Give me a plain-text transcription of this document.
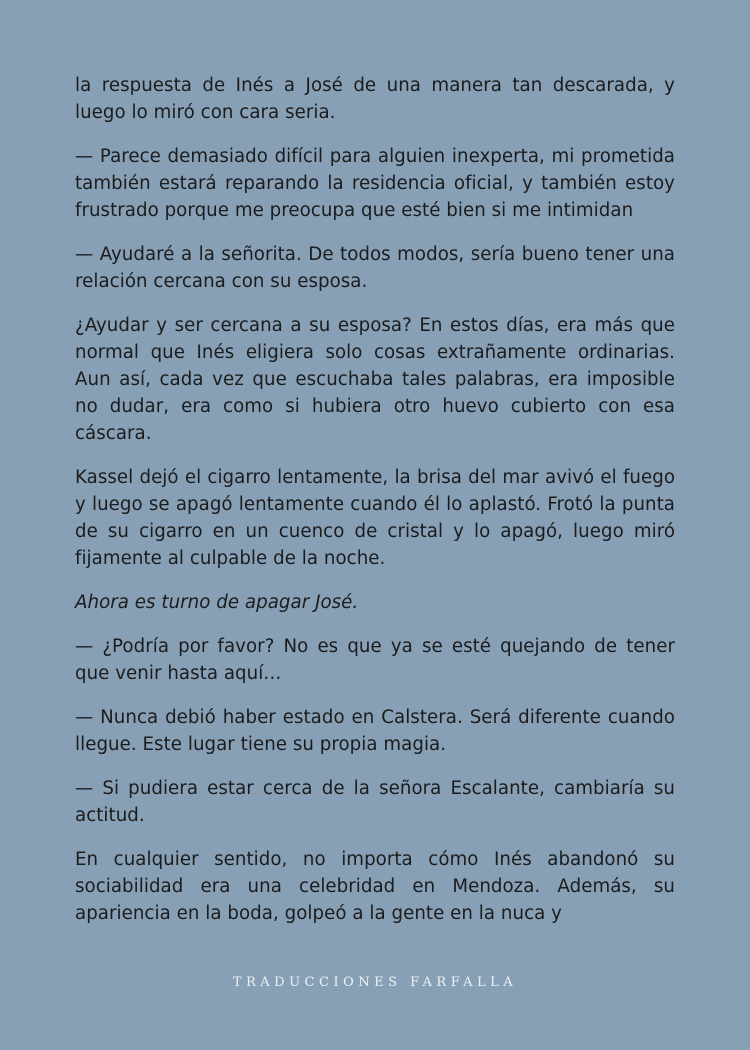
la respuesta de Inés a José de una manera tan descarada, y luego lo miró con cara seria.

— Parece demasiado difícil para alguien inexperta, mi prometida también estará reparando la residencia oficial, y también estoy frustrado porque me preocupa que esté bien si me intimidan

— Ayudaré a la señorita. De todos modos, sería bueno tener una relación cercana con su esposa.

¿Ayudar y ser cercana a su esposa? En estos días, era más que normal que Inés eligiera solo cosas extrañamente ordinarias. Aun así, cada vez que escuchaba tales palabras, era imposible no dudar, era como si hubiera otro huevo cubierto con esa cáscara.

Kassel dejó el cigarro lentamente, la brisa del mar avivó el fuego y luego se apagó lentamente cuando él lo aplastó. Frotó la punta de su cigarro en un cuenco de cristal y lo apagó, luego miró fijamente al culpable de la noche.

Ahora es turno de apagar José.

— ¿Podría por favor? No es que ya se esté quejando de tener que venir hasta aquí…

— Nunca debió haber estado en Calstera. Será diferente cuando llegue. Este lugar tiene su propia magia.

— Si pudiera estar cerca de la señora Escalante, cambiaría su actitud.

En cualquier sentido, no importa cómo Inés abandonó su sociabilidad era una celebridad en Mendoza. Además, su apariencia en la boda, golpeó a la gente en la nuca y

TRADUCCIONES FARFALLA
